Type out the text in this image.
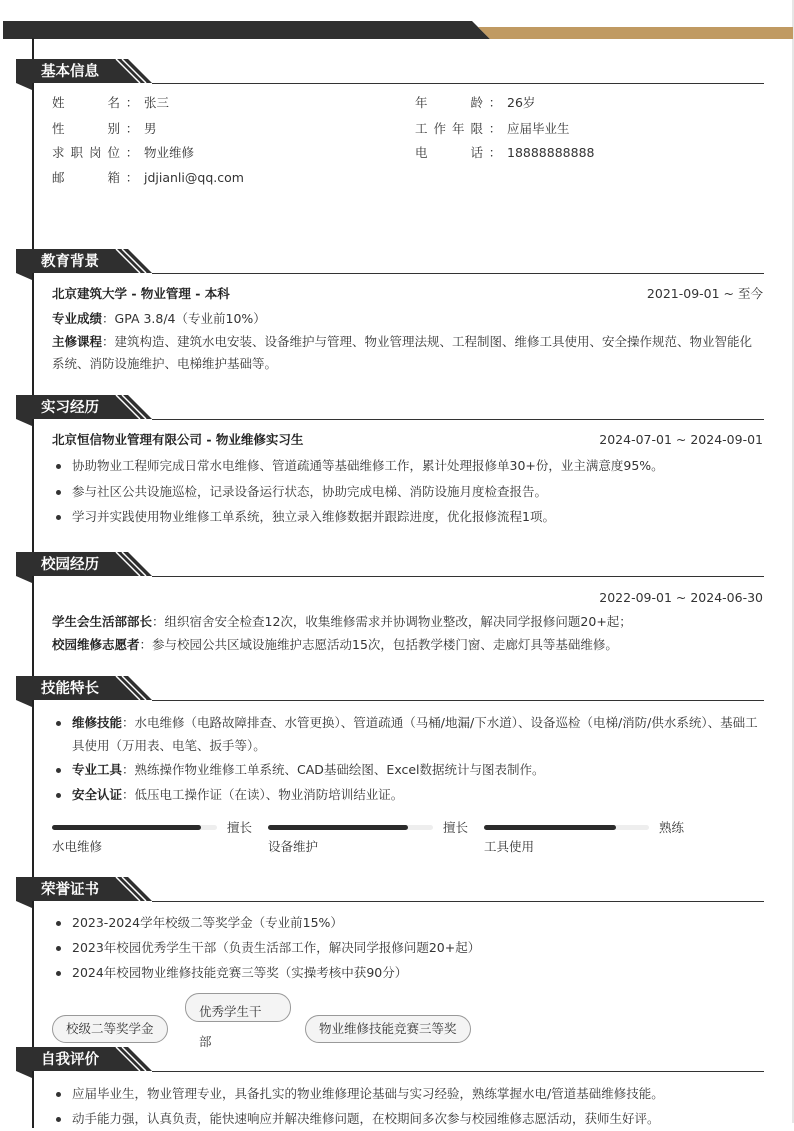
基本信息
姓名 ： 张三
性别 ： 男
求职岗位 ： 物业维修
邮箱 ： jdjianli@qq.com
年龄 ： 26岁
工作年限 ： 应届毕业生
电话 ： 18888888888
教育背景
北京建筑大学 - 物业管理 - 本科	2021-09-01 ~ 至今
专业成绩：GPA 3.8/4（专业前10%）
主修课程：建筑构造、建筑水电安装、设备维护与管理、物业管理法规、工程制图、维修工具使用、安全操作规范、物业智能化系统、消防设施维护、电梯维护基础等。
实习经历
北京恒信物业管理有限公司 - 物业维修实习生	2024-07-01 ~ 2024-09-01
协助物业工程师完成日常水电维修、管道疏通等基础维修工作，累计处理报修单30+份，业主满意度95%。
参与社区公共设施巡检，记录设备运行状态，协助完成电梯、消防设施月度检查报告。
学习并实践使用物业维修工单系统，独立录入维修数据并跟踪进度，优化报修流程1项。
校园经历
2022-09-01 ~ 2024-06-30
学生会生活部部长：组织宿舍安全检查12次，收集维修需求并协调物业整改，解决同学报修问题20+起；
校园维修志愿者：参与校园公共区域设施维护志愿活动15次，包括教学楼门窗、走廊灯具等基础维修。
技能特长
维修技能：水电维修（电路故障排查、水管更换）、管道疏通（马桶/地漏/下水道）、设备巡检（电梯/消防/供水系统）、基础工具使用（万用表、电笔、扳手等）。
专业工具：熟练操作物业维修工单系统、CAD基础绘图、Excel数据统计与图表制作。
安全认证：低压电工操作证（在读）、物业消防培训结业证。
擅长
水电维修
擅长
设备维护
熟练
工具使用
荣誉证书
2023-2024学年校级二等奖学金（专业前15%）
2023年校园优秀学生干部（负责生活部工作，解决同学报修问题20+起）
2024年校园物业维修技能竞赛三等奖（实操考核中获90分）
校级二等奖学金
优秀学生干部
物业维修技能竞赛三等奖
自我评价
应届毕业生，物业管理专业，具备扎实的物业维修理论基础与实习经验，熟练掌握水电/管道基础维修技能。
动手能力强，认真负责，能快速响应并解决维修问题，在校期间多次参与校园维修志愿活动，获师生好评。
